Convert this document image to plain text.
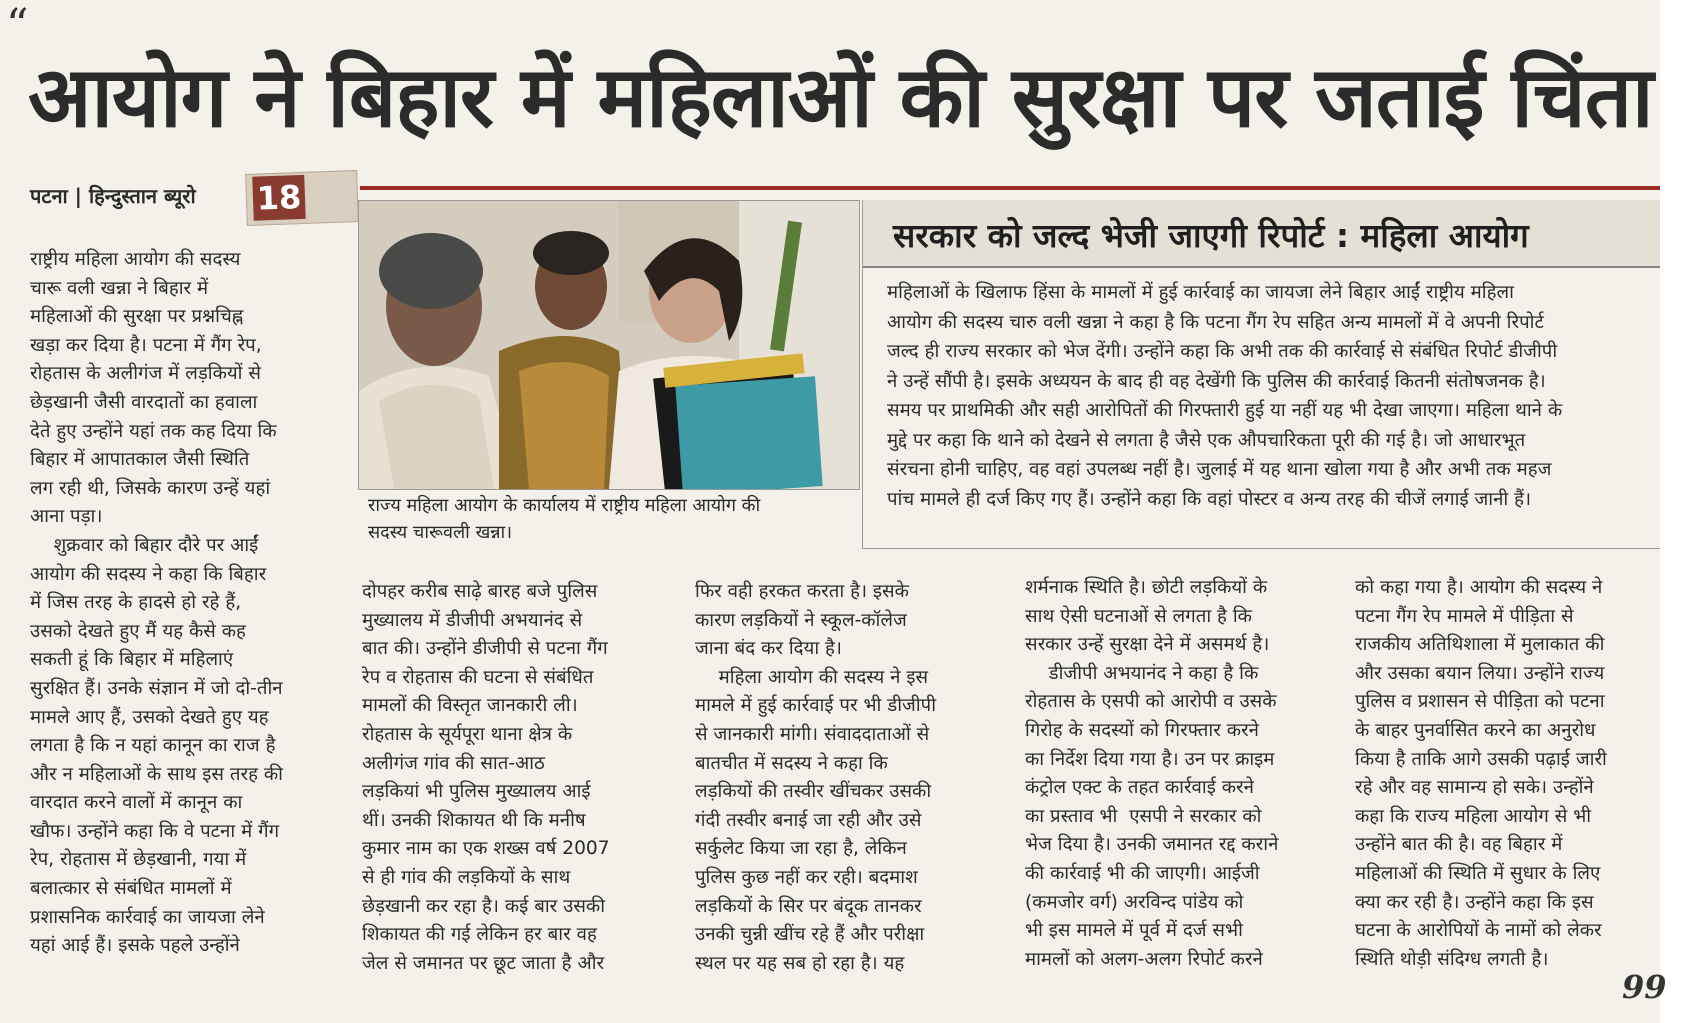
“
आयोग ने बिहार में महिलाओं की सुरक्षा पर जताई चिंता
पटना | हिन्दुस्तान ब्यूरो 18
राज्य महिला आयोग के कार्यालय में राष्ट्रीय महिला आयोग की
सदस्य चारूवली खन्ना।
सरकार को जल्द भेजी जाएगी रिपोर्ट : महिला आयोग

महिलाओं के खिलाफ हिंसा के मामलों में हुई कार्रवाई का जायजा लेने बिहार आईं राष्ट्रीय महिला

आयोग की सदस्य चारु वली खन्ना ने कहा है कि पटना गैंग रेप सहित अन्य मामलों में वे अपनी रिपोर्ट

जल्द ही राज्य सरकार को भेज देंगी। उन्होंने कहा कि अभी तक की कार्रवाई से संबंधित रिपोर्ट डीजीपी

ने उन्हें सौंपी है। इसके अध्ययन के बाद ही वह देखेंगी कि पुलिस की कार्रवाई कितनी संतोषजनक है।

समय पर प्राथमिकी और सही आरोपितों की गिरफ्तारी हुई या नहीं यह भी देखा जाएगा। महिला थाने के

मुद्दे पर कहा कि थाने को देखने से लगता है जैसे एक औपचारिकता पूरी की गई है। जो आधारभूत

संरचना होनी चाहिए, वह वहां उपलब्ध नहीं है। जुलाई में यह थाना खोला गया है और अभी तक महज

पांच मामले ही दर्ज किए गए हैं। उन्होंने कहा कि वहां पोस्टर व अन्य तरह की चीजें लगाई जानी हैं।

राष्ट्रीय महिला आयोग की सदस्य

चारू वली खन्ना ने बिहार में

महिलाओं की सुरक्षा पर प्रश्नचिह्न

खड़ा कर दिया है। पटना में गैंग रेप,

रोहतास के अलीगंज में लड़कियों से

छेड़खानी जैसी वारदातों का हवाला

देते हुए उन्होंने यहां तक कह दिया कि

बिहार में आपातकाल जैसी स्थिति

लग रही थी, जिसके कारण उन्हें यहां

आना पड़ा।

शुक्रवार को बिहार दौरे पर आईं

आयोग की सदस्य ने कहा कि बिहार

में जिस तरह के हादसे हो रहे हैं,

उसको देखते हुए मैं यह कैसे कह

सकती हूं कि बिहार में महिलाएं

सुरक्षित हैं। उनके संज्ञान में जो दो-तीन

मामले आए हैं, उसको देखते हुए यह

लगता है कि न यहां कानून का राज है

और न महिलाओं के साथ इस तरह की

वारदात करने वालों में कानून का

खौफ। उन्होंने कहा कि वे पटना में गैंग

रेप, रोहतास में छेड़खानी, गया में

बलात्कार से संबंधित मामलों में

प्रशासनिक कार्रवाई का जायजा लेने

यहां आई हैं। इसके पहले उन्होंने

दोपहर करीब साढ़े बारह बजे पुलिस

मुख्यालय में डीजीपी अभयानंद से

बात की। उन्होंने डीजीपी से पटना गैंग

रेप व रोहतास की घटना से संबंधित

मामलों की विस्तृत जानकारी ली।

रोहतास के सूर्यपूरा थाना क्षेत्र के

अलीगंज गांव की सात-आठ

लड़कियां भी पुलिस मुख्यालय आई

थीं। उनकी शिकायत थी कि मनीष

कुमार नाम का एक शख्स वर्ष 2007

से ही गांव की लड़कियों के साथ

छेड़खानी कर रहा है। कई बार उसकी

शिकायत की गई लेकिन हर बार वह

जेल से जमानत पर छूट जाता है और

फिर वही हरकत करता है। इसके

कारण लड़कियों ने स्कूल-कॉलेज

जाना बंद कर दिया है।

महिला आयोग की सदस्य ने इस

मामले में हुई कार्रवाई पर भी डीजीपी

से जानकारी मांगी। संवाददाताओं से

बातचीत में सदस्य ने कहा कि

लड़कियों की तस्वीर खींचकर उसकी

गंदी तस्वीर बनाई जा रही और उसे

सर्कुलेट किया जा रहा है, लेकिन

पुलिस कुछ नहीं कर रही। बदमाश

लड़कियों के सिर पर बंदूक तानकर

उनकी चुन्नी खींच रहे हैं और परीक्षा

स्थल पर यह सब हो रहा है। यह

शर्मनाक स्थिति है। छोटी लड़कियों के

साथ ऐसी घटनाओं से लगता है कि

सरकार उन्हें सुरक्षा देने में असमर्थ है।

डीजीपी अभयानंद ने कहा है कि

रोहतास के एसपी को आरोपी व उसके

गिरोह के सदस्यों को गिरफ्तार करने

का निर्देश दिया गया है। उन पर क्राइम

कंट्रोल एक्ट के तहत कार्रवाई करने

का प्रस्ताव भी  एसपी ने सरकार को

भेज दिया है। उनकी जमानत रद्द कराने

की कार्रवाई भी की जाएगी। आईजी

(कमजोर वर्ग) अरविन्द पांडेय को

भी इस मामले में पूर्व में दर्ज सभी

मामलों को अलग-अलग रिपोर्ट करने

को कहा गया है। आयोग की सदस्य ने

पटना गैंग रेप मामले में पीड़िता से

राजकीय अतिथिशाला में मुलाकात की

और उसका बयान लिया। उन्होंने राज्य

पुलिस व प्रशासन से पीड़िता को पटना

के बाहर पुनर्वासित करने का अनुरोध

किया है ताकि आगे उसकी पढ़ाई जारी

रहे और वह सामान्य हो सके। उन्होंने

कहा कि राज्य महिला आयोग से भी

उन्होंने बात की है। वह बिहार में

महिलाओं की स्थिति में सुधार के लिए

क्या कर रही है। उन्होंने कहा कि इस

घटना के आरोपियों के नामों को लेकर

स्थिति थोड़ी संदिग्ध लगती है।

99
